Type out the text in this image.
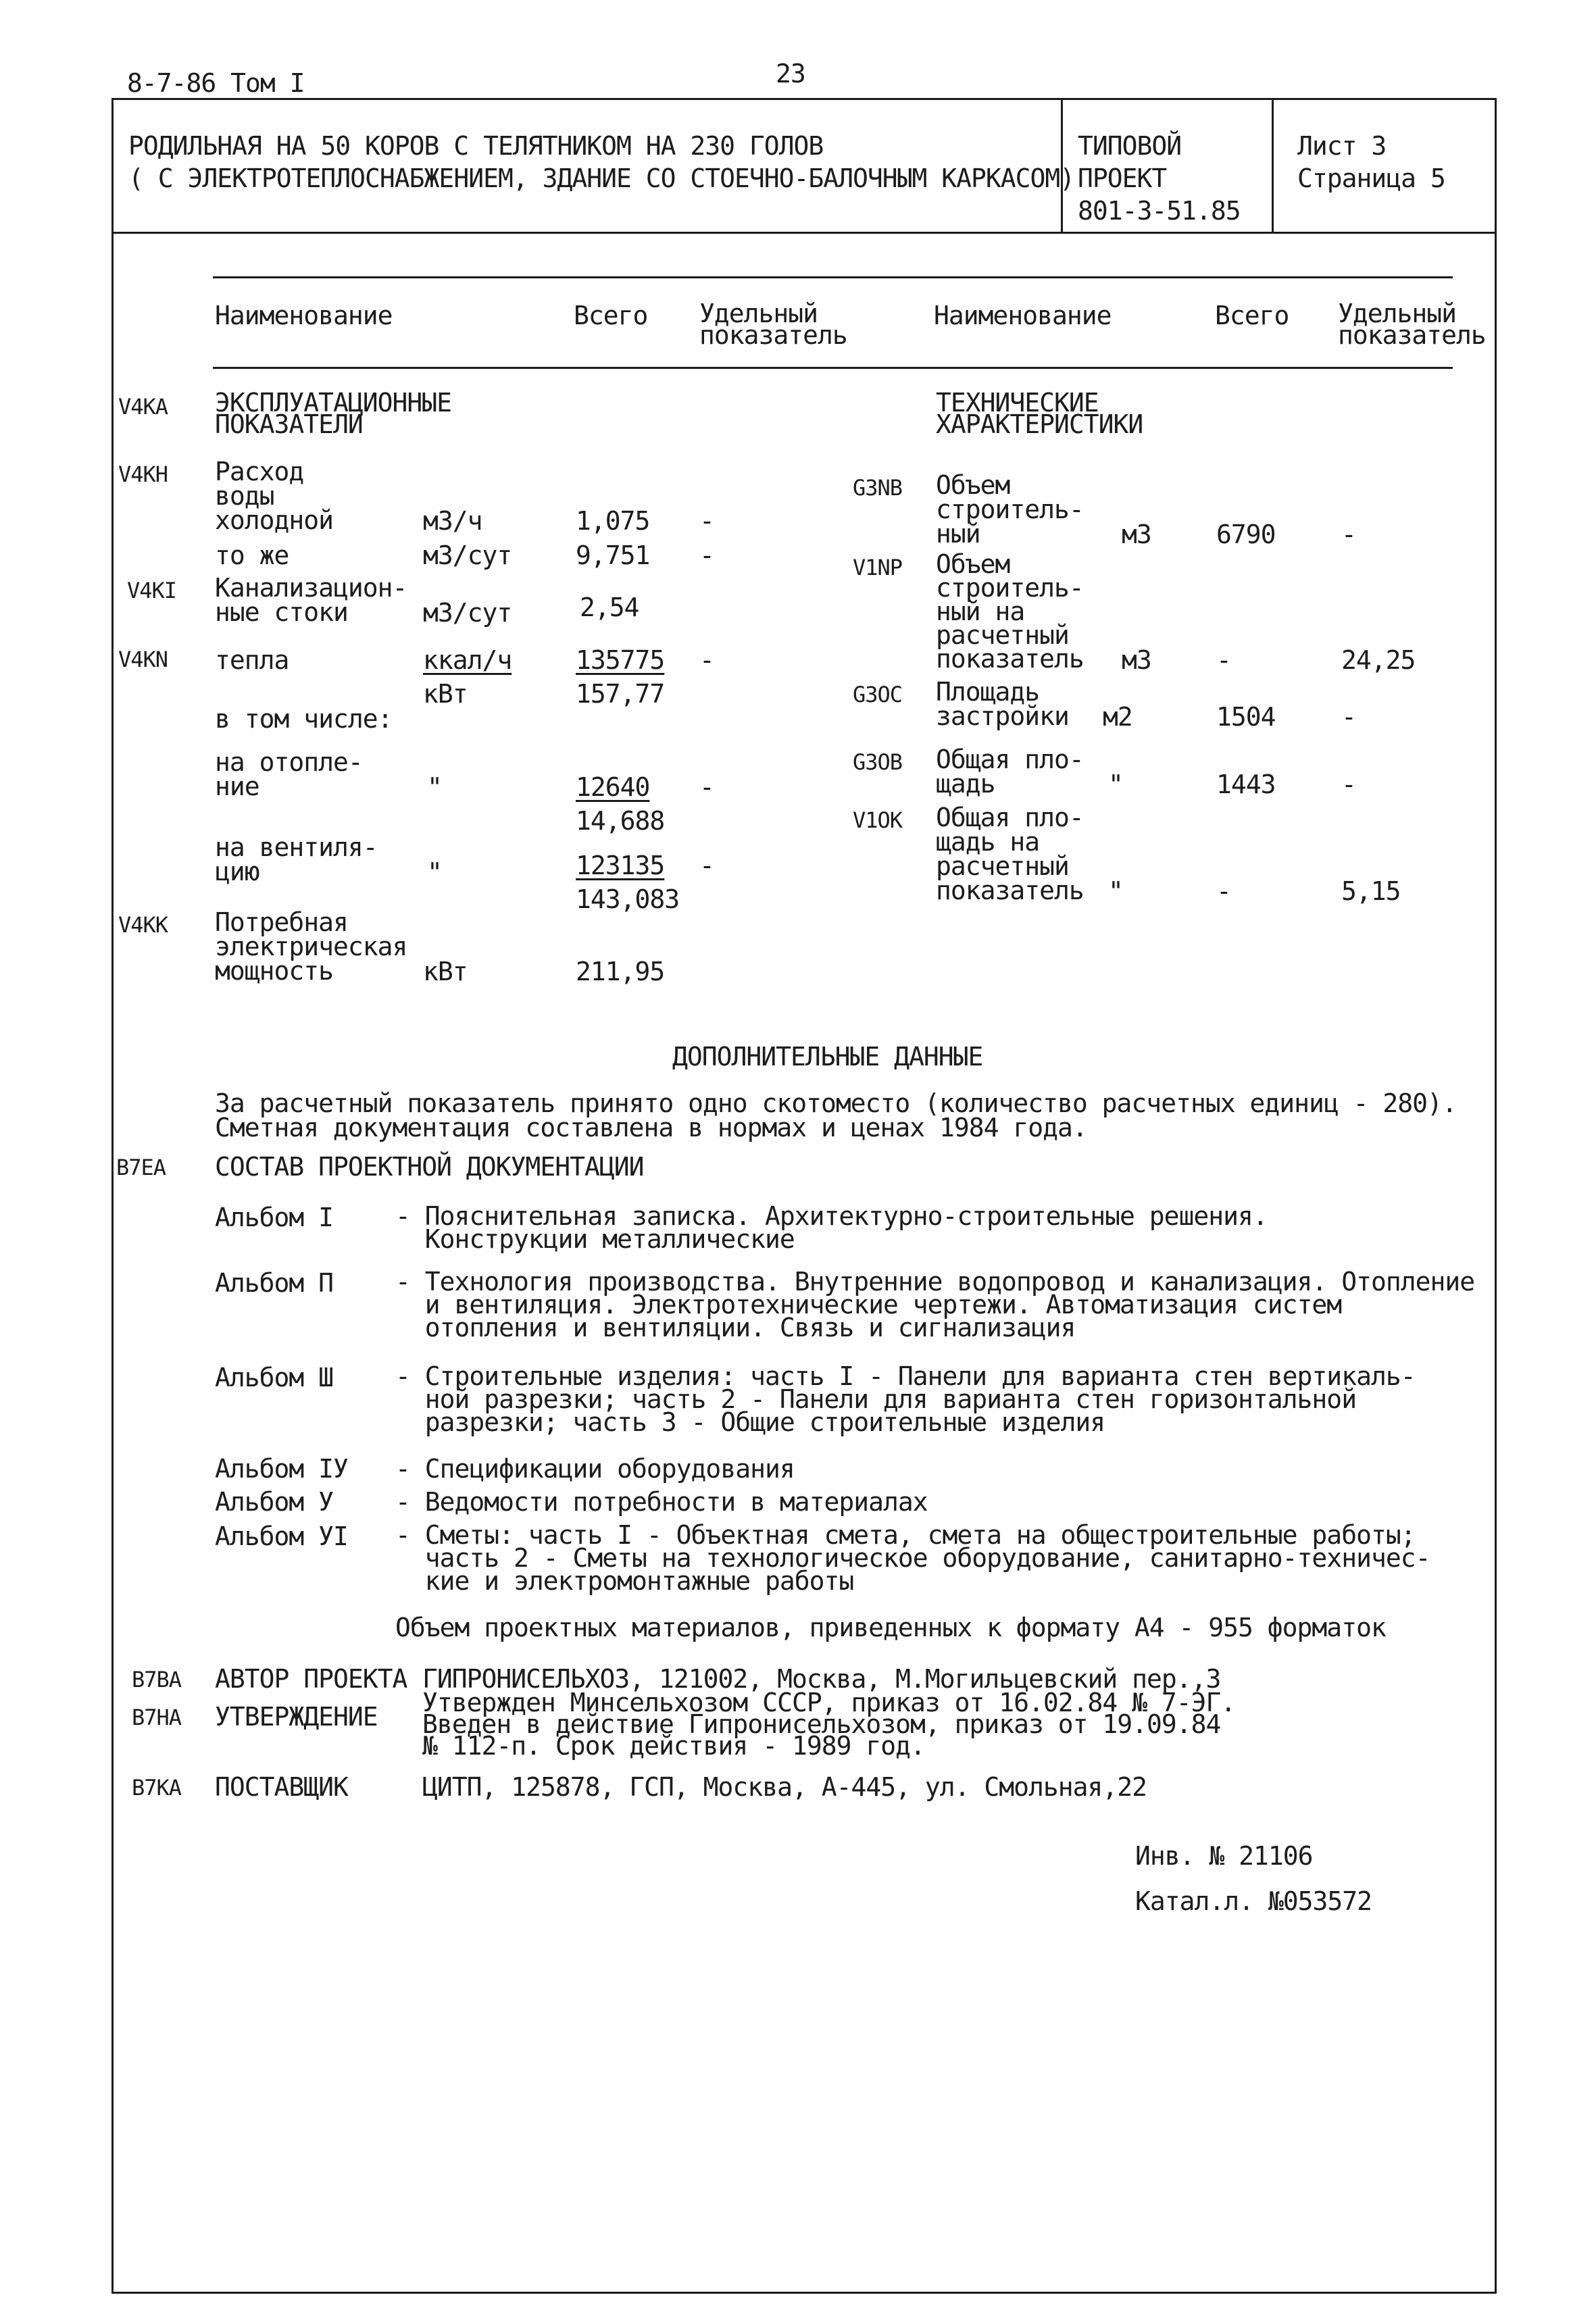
8-7-86 Том I	23
РОДИЛЬНАЯ НА 50 КОРОВ С ТЕЛЯТНИКОМ НА 230 ГОЛОВ
( С ЭЛЕКТРОТЕПЛОСНАБЖЕНИЕМ, ЗДАНИЕ СО СТОЕЧНО-БАЛОЧНЫМ КАРКАСОМ)
ТИПОВОЙ
ПРОЕКТ
801-3-51.85
Лист 3
Страница 5
Наименование	Всего Удельный
показатель
Наименование	Всего Удельный
показатель
V4KA ЭКСПЛУАТАЦИОННЫЕ
ПОКАЗАТЕЛИ
V4KH Расход
воды
холодной	м3/ч	1,075 -
то же	м3/сут 9,751 -
V4KI Канализацион-
ные стоки	м3/сут	2,54
V4KN тепла	ккал/ч
кВт
135775
157,77
-
в том числе:
на отопле-
ние	"	12640
14,688
-
на вентиля-
цию	"	123135
143,083
-
V4KK Потребная
электрическая
мощность	кВт	211,95
ТЕХНИЧЕСКИЕ
ХАРАКТЕРИСТИКИ
G3NB Объем
строитель-
ный	м3	6790	-
V1NP Объем
строитель-
ный на
расчетный
показатель м3	-	24,25
G3OC Площадь
застройки м2	1504	-
G3OB Общая пло-
щадь	"	1443	-
V1OK Общая пло-
щадь на
расчетный
показатель "	-	5,15
ДОПОЛНИТЕЛЬНЫЕ ДАННЫЕ
За расчетный показатель принято одно скотоместо (количество расчетных единиц - 280).
Сметная документация составлена в нормах и ценах 1984 года.
B7EA СОСТАВ ПРОЕКТНОЙ ДОКУМЕНТАЦИИ
Альбом I - Пояснительная записка. Архитектурно-строительные решения.
Конструкции металлические
Альбом П - Технология производства. Внутренние водопровод и канализация. Отопление
и вентиляция. Электротехнические чертежи. Автоматизация систем
отопления и вентиляции. Связь и сигнализация
Альбом Ш - Строительные изделия: часть I - Панели для варианта стен вертикаль-
ной разрезки; часть 2 - Панели для варианта стен горизонтальной
разрезки; часть 3 - Общие строительные изделия
Альбом IУ - Спецификации оборудования
Альбом У - Ведомости потребности в материалах
Альбом УI - Сметы: часть I - Объектная смета, смета на общестроительные работы;
часть 2 - Сметы на технологическое оборудование, санитарно-техничес-
кие и электромонтажные работы
Объем проектных материалов, приведенных к формату А4 - 955 форматок
B7BA АВТОР ПРОЕКТА ГИПРОНИСЕЛЬХОЗ, 121002, Москва, М.Могильцевский пер.,3
B7HA УТВЕРЖДЕНИЕ Утвержден Минсельхозом СССР, приказ от 16.02.84 № 7-ЭГ.
Введен в действие Гипронисельхозом, приказ от 19.09.84
№ 112-п. Срок действия - 1989 год.
B7KA ПОСТАВЩИК	ЦИТП, 125878, ГСП, Москва, А-445, ул. Смольная,22
Инв. № 21106
Катал.л. №053572
